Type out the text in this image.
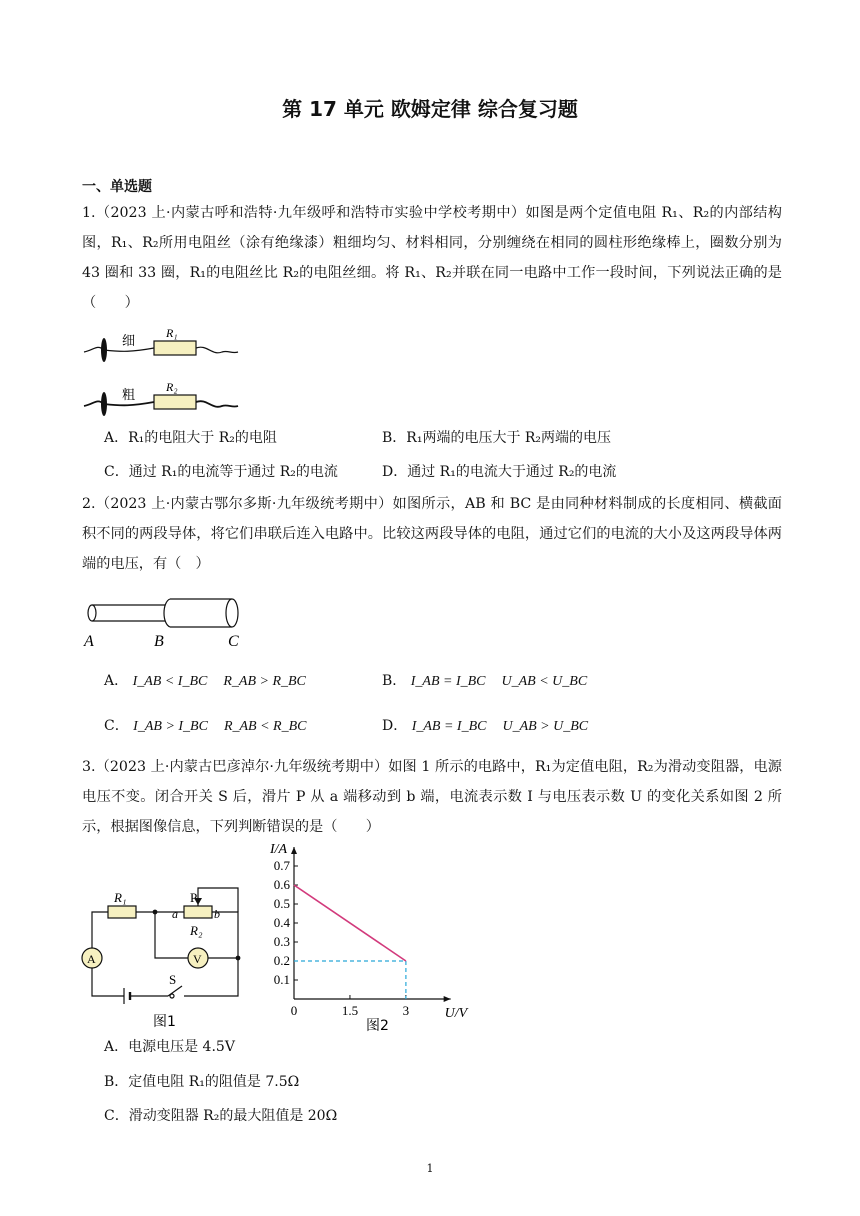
第 17 单元 欧姆定律 综合复习题
一、单选题
1.（2023 上·内蒙古呼和浩特·九年级呼和浩特市实验中学校考期中）如图是两个定值电阻 R₁、R₂的内部结构图，R₁、R₂所用电阻丝（涂有绝缘漆）粗细均匀、材料相同，分别缠绕在相同的圆柱形绝缘棒上，圈数分别为 43 圈和 33 圈，R₁的电阻丝比 R₂的电阻丝细。将 R₁、R₂并联在同一电路中工作一段时间，下列说法正确的是（　　）
细
R₁
粗
R₂
A．R₁的电阻大于 R₂的电阻	B．R₁两端的电压大于 R₂两端的电压
C．通过 R₁的电流等于通过 R₂的电流	D．通过 R₁的电流大于通过 R₂的电流
2.（2023 上·内蒙古鄂尔多斯·九年级统考期中）如图所示，AB 和 BC 是由同种材料制成的长度相同、横截面积不同的两段导体，将它们串联后连入电路中。比较这两段导体的电阻，通过它们的电流的大小及这两段导体两端的电压，有（　）
A	B	C
A． I_AB < I_BC R_AB > R_BC	B． I_AB = I_BC U_AB < U_BC
C． I_AB > I_BC R_AB < R_BC	D． I_AB = I_BC U_AB > U_BC
3.（2023 上·内蒙古巴彦淖尔·九年级统考期中）如图 1 所示的电路中，R₁为定值电阻，R₂为滑动变阻器，电源电压不变。闭合开关 S 后，滑片 P 从 a 端移动到 b 端，电流表示数 I 与电压表示数 U 的变化关系如图 2 所示，根据图像信息，下列判断错误的是（　　）
R₁	P
a	b
R₂
A	V
S
图1
0.1
0.2
0.3
0.4
0.5
0.6
0.7
0	1.5	3
I/A
U/V
图2
A．电源电压是 4.5V
B．定值电阻 R₁的阻值是 7.5Ω
C．滑动变阻器 R₂的最大阻值是 20Ω
1
